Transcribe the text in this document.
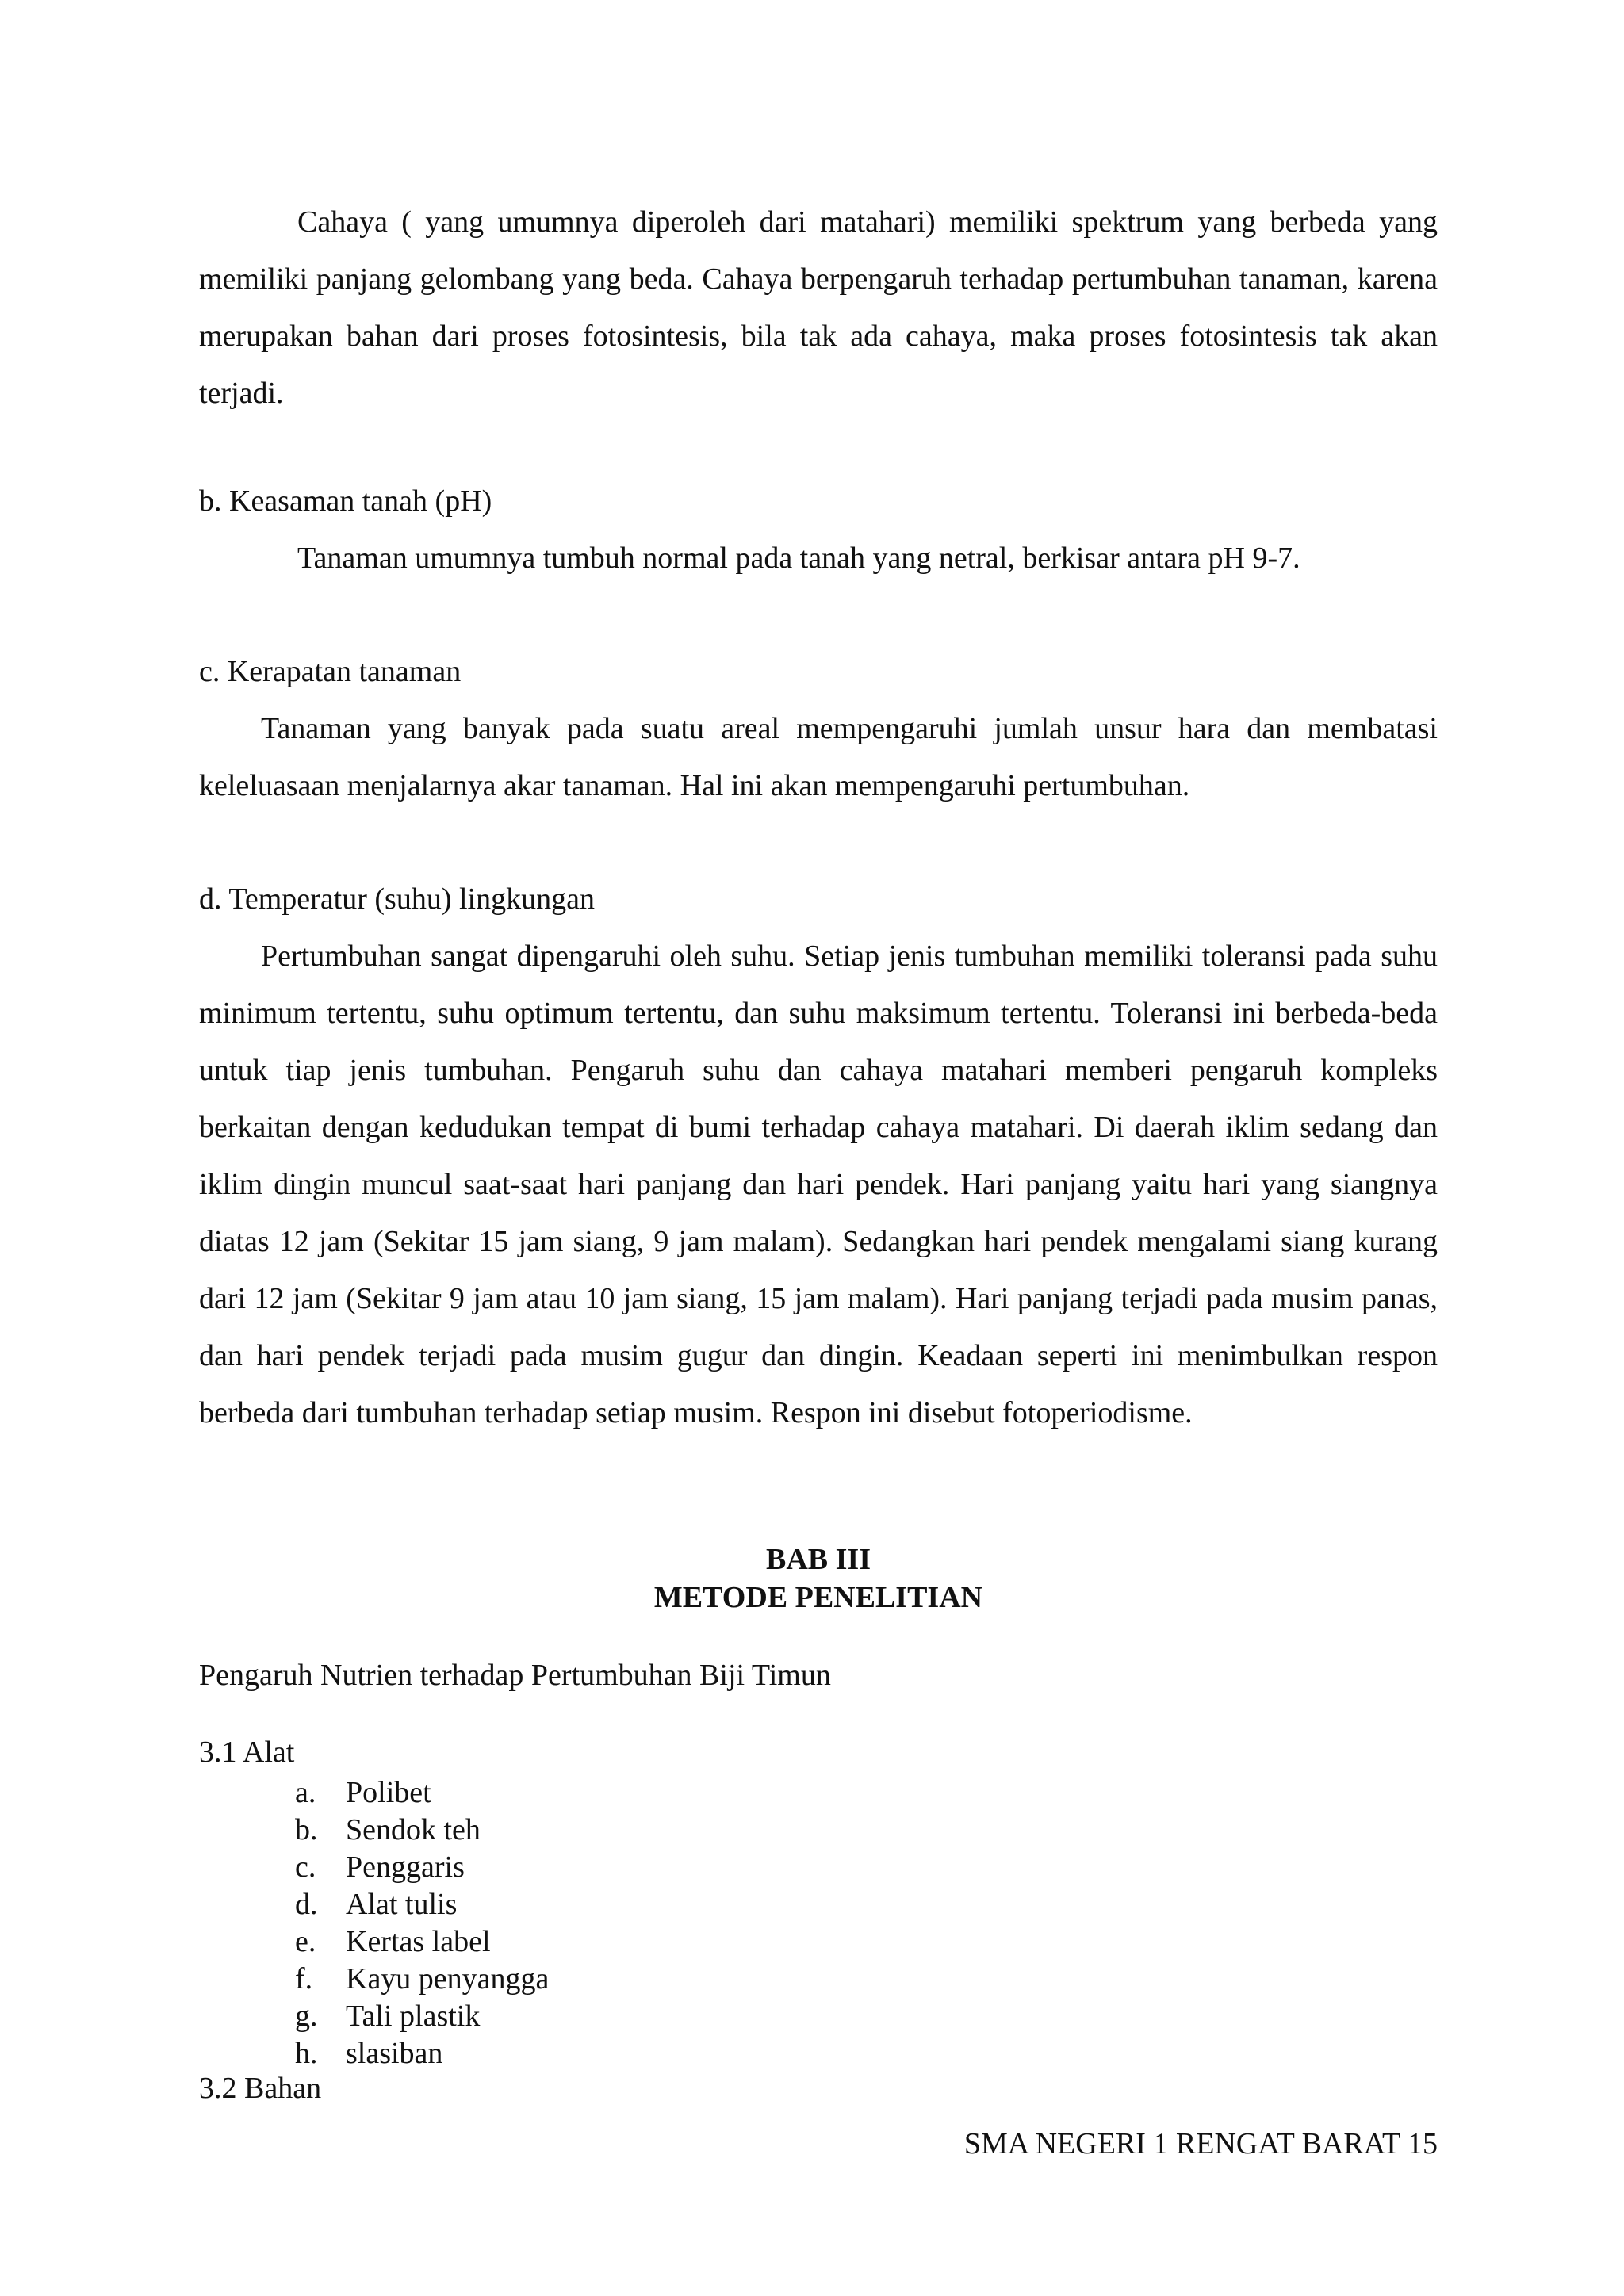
Cahaya ( yang umumnya diperoleh dari matahari) memiliki spektrum yang berbeda yang memiliki panjang gelombang yang beda. Cahaya berpengaruh terhadap pertumbuhan tanaman, karena merupakan bahan dari proses fotosintesis, bila tak ada cahaya, maka proses fotosintesis tak akan terjadi.

b. Keasaman tanah (pH)

Tanaman umumnya tumbuh normal pada tanah yang netral, berkisar antara pH 9-7.

c. Kerapatan tanaman

Tanaman yang banyak pada suatu areal mempengaruhi jumlah unsur hara dan membatasi keleluasaan menjalarnya akar tanaman. Hal ini akan mempengaruhi pertumbuhan.

d. Temperatur (suhu) lingkungan

Pertumbuhan sangat dipengaruhi oleh suhu. Setiap jenis tumbuhan memiliki toleransi pada suhu minimum tertentu, suhu optimum tertentu, dan suhu maksimum tertentu. Toleransi ini berbeda-beda untuk tiap jenis tumbuhan. Pengaruh suhu dan cahaya matahari memberi pengaruh kompleks berkaitan dengan kedudukan tempat di bumi terhadap cahaya matahari. Di daerah iklim sedang dan iklim dingin muncul saat-saat hari panjang dan hari pendek. Hari panjang yaitu hari yang siangnya diatas 12 jam (Sekitar 15 jam siang, 9 jam malam). Sedangkan hari pendek mengalami siang kurang dari 12 jam (Sekitar 9 jam atau 10 jam siang, 15 jam malam). Hari panjang terjadi pada musim panas, dan hari pendek terjadi pada musim gugur dan dingin. Keadaan seperti ini menimbulkan respon berbeda dari tumbuhan terhadap setiap musim. Respon ini disebut fotoperiodisme.

BAB III

METODE PENELITIAN

Pengaruh Nutrien terhadap Pertumbuhan Biji Timun

3.1 Alat

a. Polibet
b. Sendok teh
c. Penggaris
d. Alat tulis
e. Kertas label
f.	Kayu penyangga
g. Tali plastik
h. slasiban

3.2 Bahan

SMA NEGERI 1 RENGAT BARAT 15
